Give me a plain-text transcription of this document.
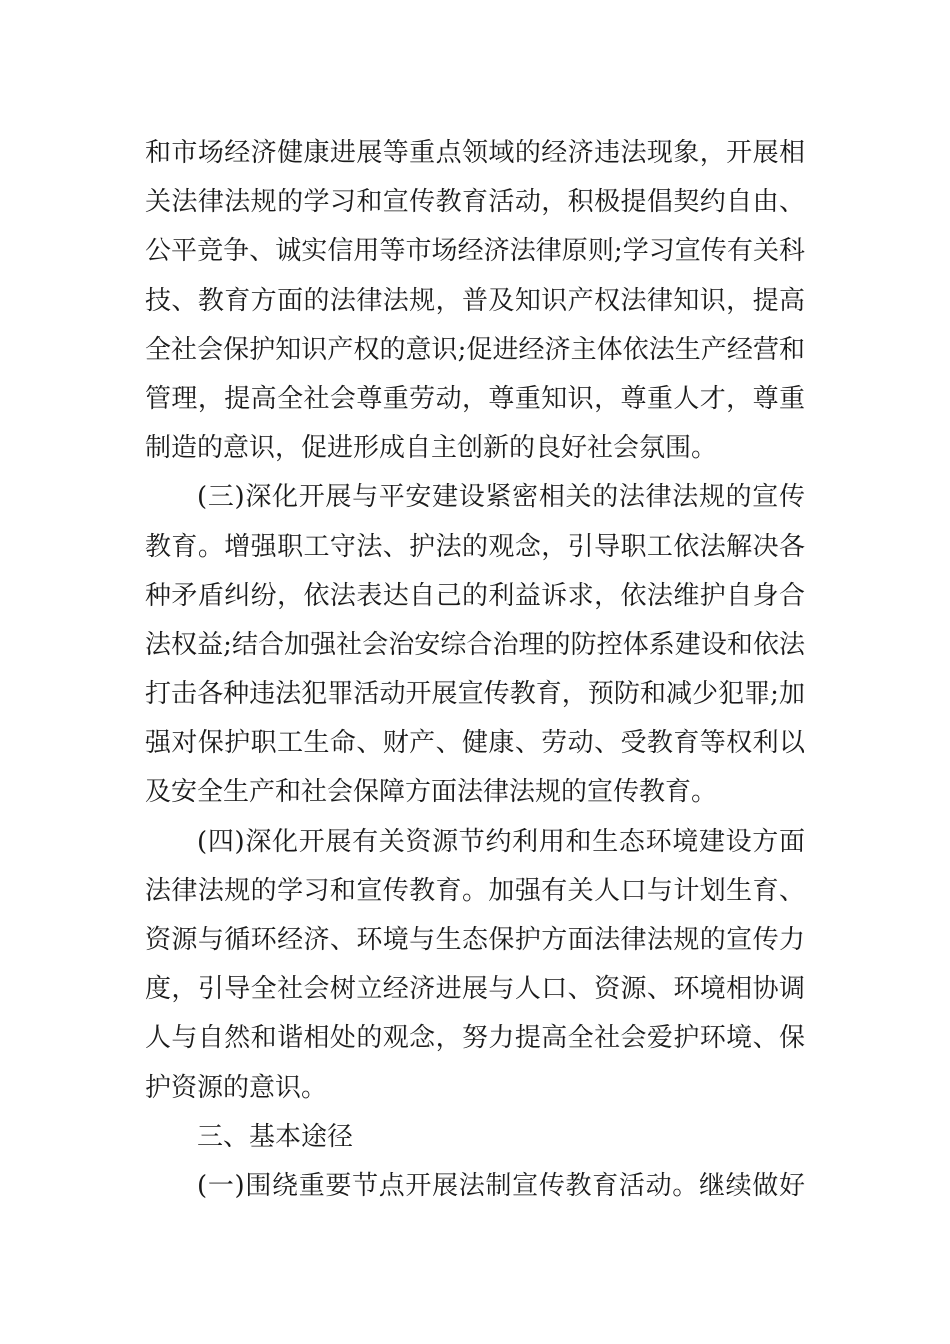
和市场经济健康进展等重点领域的经济违法现象，开展相
关法律法规的学习和宣传教育活动，积极提倡契约自由、
公平竞争、诚实信用等市场经济法律原则;学习宣传有关科
技、教育方面的法律法规，普及知识产权法律知识，提高
全社会保护知识产权的意识;促进经济主体依法生产经营和
管理，提高全社会尊重劳动，尊重知识，尊重人才，尊重
制造的意识，促进形成自主创新的良好社会氛围。
(三)深化开展与平安建设紧密相关的法律法规的宣传
教育。增强职工守法、护法的观念，引导职工依法解决各
种矛盾纠纷，依法表达自己的利益诉求，依法维护自身合
法权益;结合加强社会治安综合治理的防控体系建设和依法
打击各种违法犯罪活动开展宣传教育，预防和减少犯罪;加
强对保护职工生命、财产、健康、劳动、受教育等权利以
及安全生产和社会保障方面法律法规的宣传教育。
(四)深化开展有关资源节约利用和生态环境建设方面
法律法规的学习和宣传教育。加强有关人口与计划生育、
资源与循环经济、环境与生态保护方面法律法规的宣传力
度，引导全社会树立经济进展与人口、资源、环境相协调
人与自然和谐相处的观念，努力提高全社会爱护环境、保
护资源的意识。
三、基本途径
(一)围绕重要节点开展法制宣传教育活动。继续做好
